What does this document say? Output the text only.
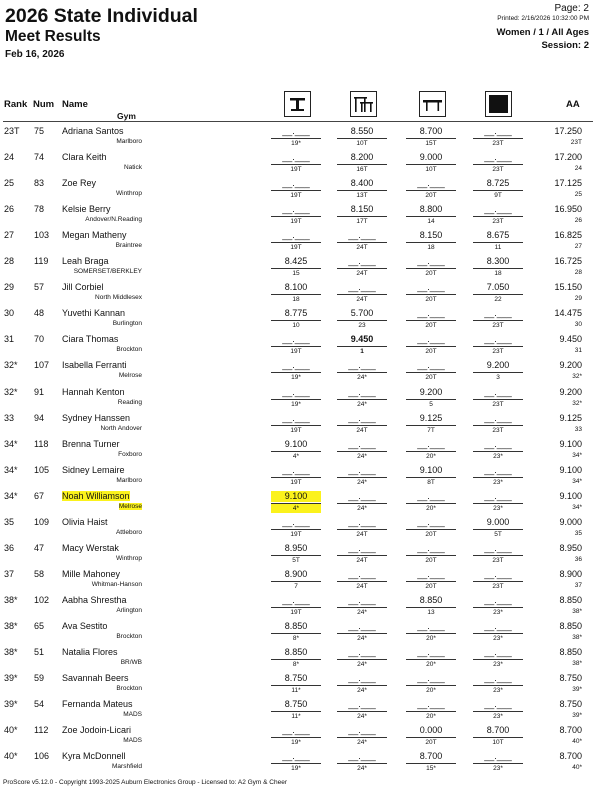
2026 State Individual
Meet Results
Feb 16, 2026
Page: 2
Printed: 2/16/2026 10:32:00 PM
Women / 1 / All Ages
Session: 2
Rank Num Name
Gym
AA
23T 75 Adriana Santos
Marlboro
__.___
19*
8.550
10T
8.700
15T
__.___
23T
17.250
23T
24 74 Clara Keith
Natick
__.___
19T
8.200
16T
9.000
10T
__.___
23T
17.200
24
25 83 Zoe Rey
Winthrop
__.___
19T
8.400
13T
__.___
20T
8.725
9T
17.125
25
26 78 Kelsie Berry
Andover/N.Reading
__.___
19T
8.150
17T
8.800
14
__.___
23T
16.950
26
27 103 Megan Matheny
Braintree
__.___
19T
__.___
24T
8.150
18
8.675
11
16.825
27
28 119 Leah Braga
SOMERSET/BERKLEY
8.425
15
__.___
24T
__.___
20T
8.300
18
16.725
28
29 57 Jill Corbiel
North Middlesex
8.100
18
__.___
24T
__.___
20T
7.050
22
15.150
29
30 48 Yuvethi Kannan
Burlington
8.775
10
5.700
23
__.___
20T
__.___
23T
14.475
30
31 70 Ciara Thomas
Brockton
__.___
19T
9.450
1
__.___
20T
__.___
23T
9.450
31
32* 107 Isabella Ferranti
Melrose
__.___
19*
__.___
24*
__.___
20T
9.200
3
9.200
32*
32* 91 Hannah Kenton
Reading
__.___
19*
__.___
24*
9.200
5
__.___
23T
9.200
32*
33 94 Sydney Hanssen
North Andover
__.___
19T
__.___
24T
9.125
7T
__.___
23T
9.125
33
34* 118 Brenna Turner
Foxboro
9.100
4*
__.___
24*
__.___
20*
__.___
23*
9.100
34*
34* 105 Sidney Lemaire
Marlboro
__.___
19T
__.___
24*
9.100
8T
__.___
23*
9.100
34*
34* 67 Noah Williamson
Melrose
9.100
4*
__.___
24*
__.___
20*
__.___
23*
9.100
34*
35 109 Olivia Haist
Attleboro
__.___
19T
__.___
24T
__.___
20T
9.000
5T
9.000
35
36 47 Macy Werstak
Winthrop
8.950
5T
__.___
24T
__.___
20T
__.___
23T
8.950
36
37 58 Mille Mahoney
Whitman-Hanson
8.900
7
__.___
24T
__.___
20T
__.___
23T
8.900
37
38* 102 Aabha Shrestha
Arlington
__.___
19T
__.___
24*
8.850
13
__.___
23*
8.850
38*
38* 65 Ava Sestito
Brockton
8.850
8*
__.___
24*
__.___
20*
__.___
23*
8.850
38*
38* 51 Natalia Flores
BR/WB
8.850
8*
__.___
24*
__.___
20*
__.___
23*
8.850
38*
39* 59 Savannah Beers
Brockton
8.750
11*
__.___
24*
__.___
20*
__.___
23*
8.750
39*
39* 54 Fernanda Mateus
MADS
8.750
11*
__.___
24*
__.___
20*
__.___
23*
8.750
39*
40* 112 Zoe Jodoin-Licari
MADS
__.___
19*
__.___
24*
0.000
20T
8.700
10T
8.700
40*
40* 106 Kyra McDonnell
Marshfield
__.___
19*
__.___
24*
8.700
15*
__.___
23*
8.700
40*
ProScore v5.12.0 - Copyright 1993-2025 Auburn Electronics Group - Licensed to: A2 Gym & Cheer
